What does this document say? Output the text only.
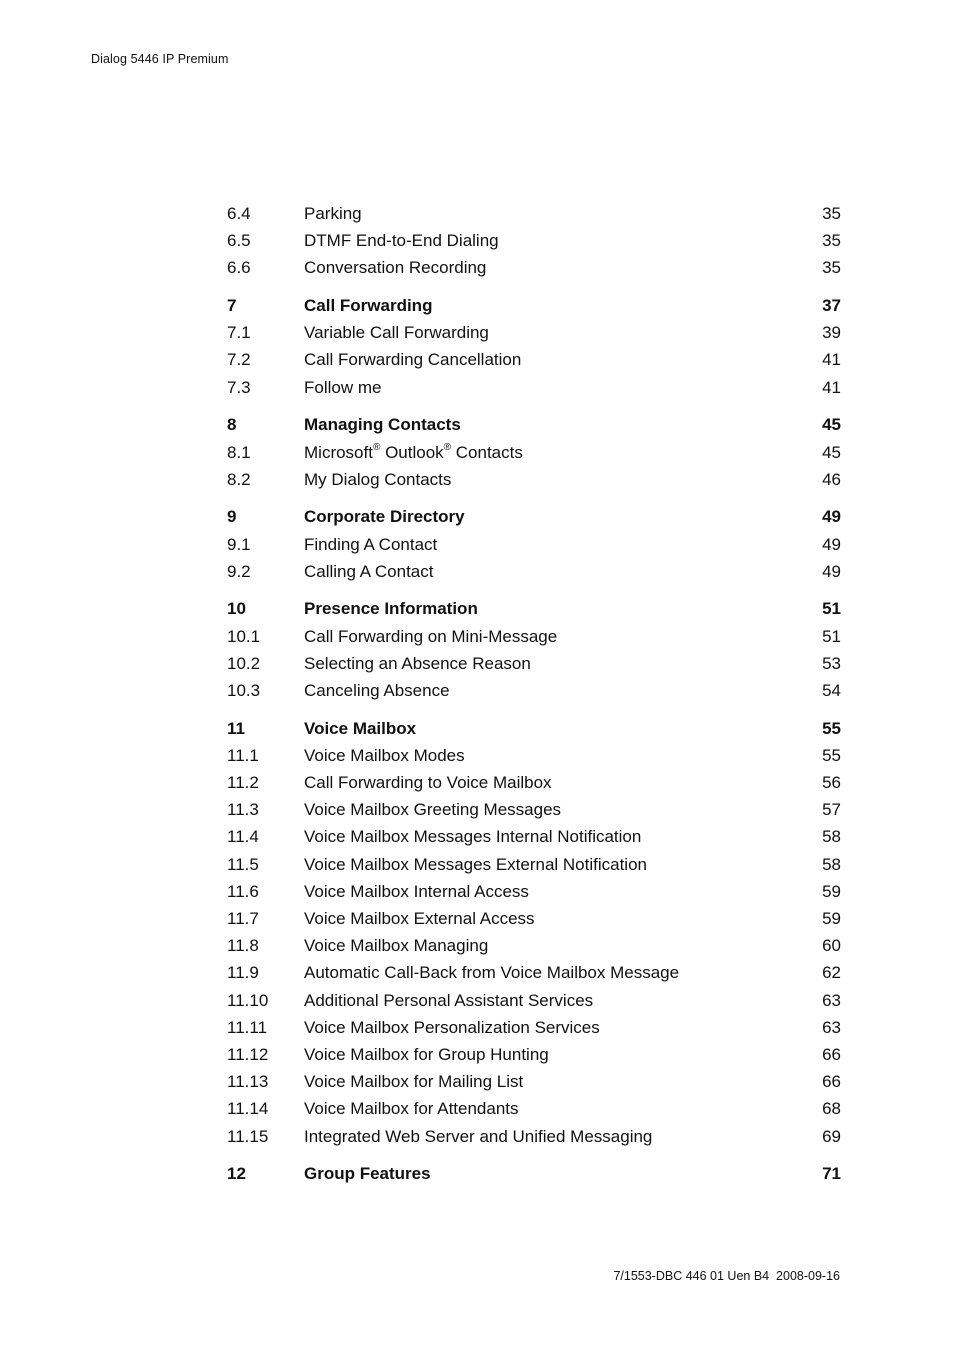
Dialog 5446 IP Premium
6.4	Parking	35
6.5	DTMF End-to-End Dialing	35
6.6	Conversation Recording	35
7	Call Forwarding	37
7.1	Variable Call Forwarding	39
7.2	Call Forwarding Cancellation	41
7.3	Follow me	41
8	Managing Contacts	45
8.1	Microsoft® Outlook® Contacts	45
8.2	My Dialog Contacts	46
9	Corporate Directory	49
9.1	Finding A Contact	49
9.2	Calling A Contact	49
10	Presence Information	51
10.1	Call Forwarding on Mini-Message	51
10.2	Selecting an Absence Reason	53
10.3	Canceling Absence	54
11	Voice Mailbox	55
11.1	Voice Mailbox Modes	55
11.2	Call Forwarding to Voice Mailbox	56
11.3	Voice Mailbox Greeting Messages	57
11.4	Voice Mailbox Messages Internal Notification	58
11.5	Voice Mailbox Messages External Notification	58
11.6	Voice Mailbox Internal Access	59
11.7	Voice Mailbox External Access	59
11.8	Voice Mailbox Managing	60
11.9	Automatic Call-Back from Voice Mailbox Message	62
11.10	Additional Personal Assistant Services	63
11.11	Voice Mailbox Personalization Services	63
11.12	Voice Mailbox for Group Hunting	66
11.13	Voice Mailbox for Mailing List	66
11.14	Voice Mailbox for Attendants	68
11.15	Integrated Web Server and Unified Messaging	69
12	Group Features	71
7/1553-DBC 446 01 Uen B4  2008-09-16
